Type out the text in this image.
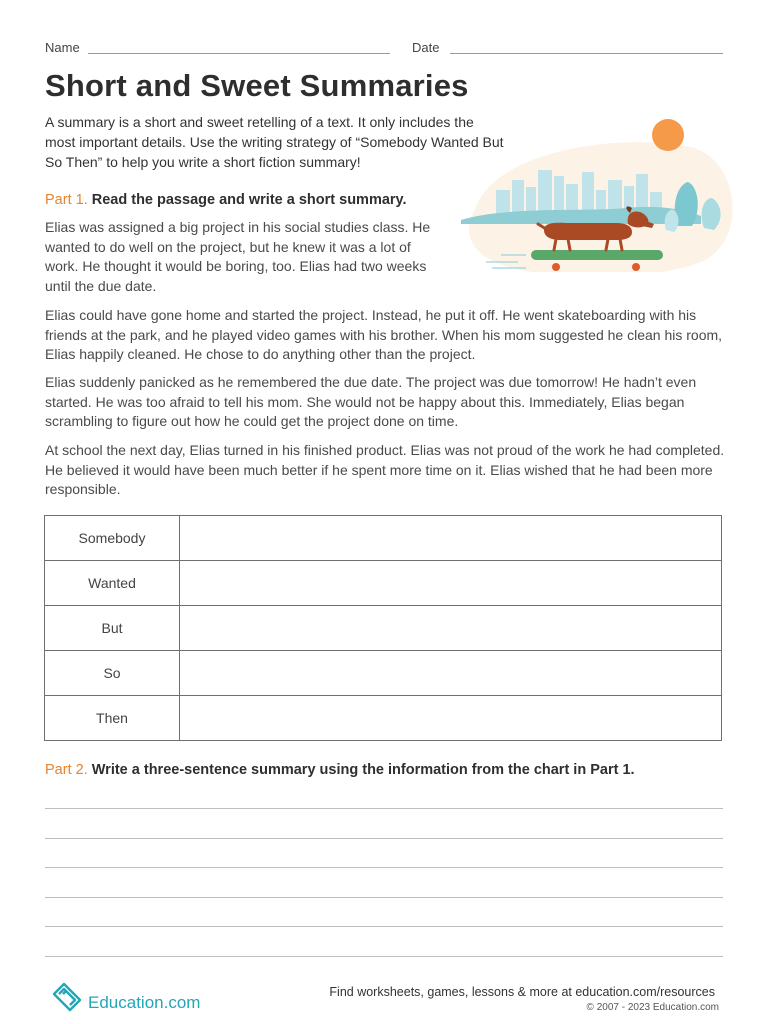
Name	Date
Short and Sweet Summaries
A summary is a short and sweet retelling of a text. It only includes the most important details. Use the writing strategy of “Somebody Wanted But So Then” to help you write a short fiction summary!
Part 1. Read the passage and write a short summary.
Elias was assigned a big project in his social studies class. He wanted to do well on the project, but he knew it was a lot of work. He thought it would be boring, too. Elias had two weeks until the due date.
Elias could have gone home and started the project. Instead, he put it off. He went skateboarding with his friends at the park, and he played video games with his brother. When his mom suggested he clean his room, Elias happily cleaned. He chose to do anything other than the project.
Elias suddenly panicked as he remembered the due date. The project was due tomorrow! He hadn’t even started. He was too afraid to tell his mom. She would not be happy about this. Immediately, Elias began scrambling to figure out how he could get the project done on time.
At school the next day, Elias turned in his finished product. Elias was not proud of the work he had completed. He believed it would have been much better if he spent more time on it. Elias wished that he had been more responsible.
Somebody	
Wanted	
But	
So	
Then	
Part 2. Write a three-sentence summary using the information from the chart in Part 1.
Education.com
Find worksheets, games, lessons & more at education.com/resources
© 2007 - 2023 Education.com
